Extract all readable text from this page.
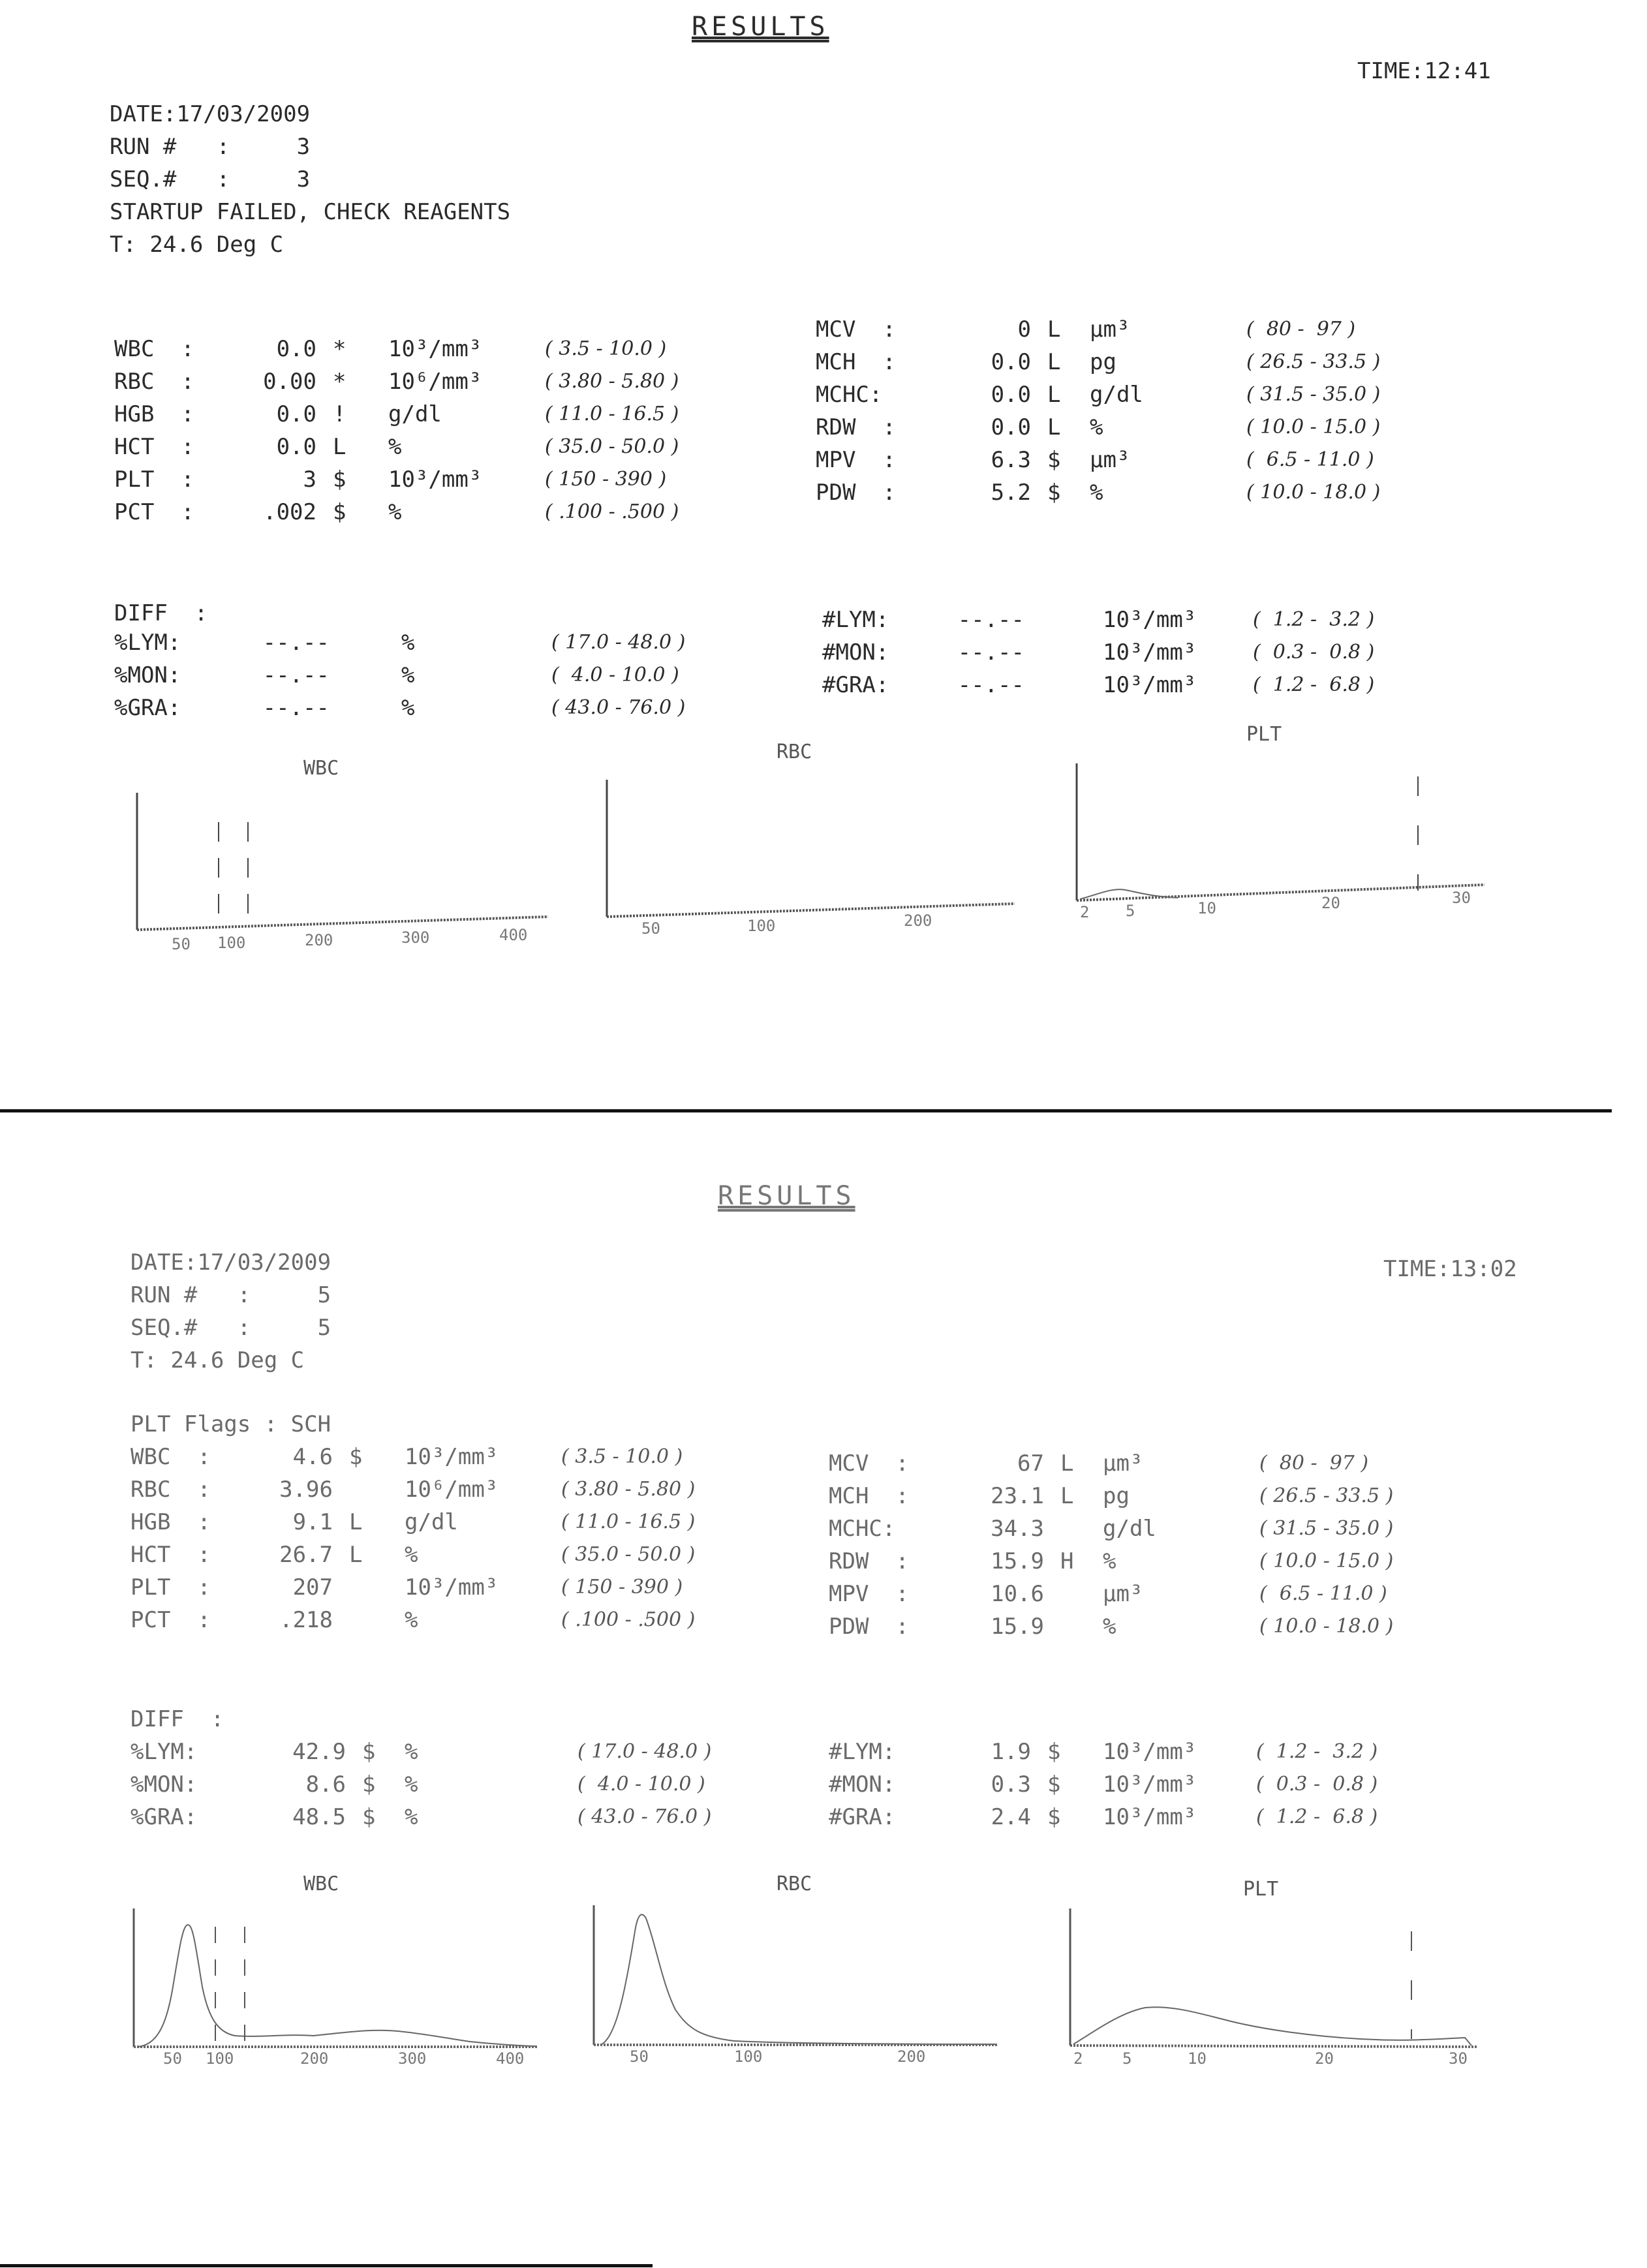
RESULTS
TIME:12:41
DATE:17/03/2009
RUN #   :     3
SEQ.#   :     3
STARTUP FAILED, CHECK REAGENTS
T: 24.6 Deg C
WBC  :	0.0 * 10³/mm³	( 3.5 - 10.0 )
RBC  :	0.00 * 10⁶/mm³	( 3.80 - 5.80 )
HGB  :	0.0 ! g/dl	( 11.0 - 16.5 )
HCT  :	0.0 L %	( 35.0 - 50.0 )
PLT  :	3 $ 10³/mm³	( 150 - 390 )
PCT  :	.002 $ %	( .100 - .500 )
MCV  :	0 L µm³	(  80 -  97 )
MCH  :	0.0 L pg	( 26.5 - 33.5 )
MCHC:	0.0 L g/dl	( 31.5 - 35.0 )
RDW  :	0.0 L %	( 10.0 - 15.0 )
MPV  :	6.3 $ µm³	(  6.5 - 11.0 )
PDW  :	5.2 $ %	( 10.0 - 18.0 )
DIFF  :
%LYM:	--.--	%	( 17.0 - 48.0 )
%MON:	--.--	%	(  4.0 - 10.0 )
%GRA:	--.--	%	( 43.0 - 76.0 )
#LYM:	--.--	10³/mm³	(  1.2 -  3.2 )
#MON:	--.--	10³/mm³	(  0.3 -  0.8 )
#GRA:	--.--	10³/mm³	(  1.2 -  6.8 )
WBC
RBC
PLT
50 100	200	300	400	50	100	200	2 5	10	20	30
RESULTS
TIME:13:02
DATE:17/03/2009
RUN #   :     5
SEQ.#   :     5
T: 24.6 Deg C
PLT Flags : SCH
WBC  :	4.6 $ 10³/mm³	( 3.5 - 10.0 )
RBC  :	3.96	10⁶/mm³	( 3.80 - 5.80 )
HGB  :	9.1 L g/dl	( 11.0 - 16.5 )
HCT  :	26.7 L %	( 35.0 - 50.0 )
PLT  :	207	10³/mm³	( 150 - 390 )
PCT  :	.218	%	( .100 - .500 )
MCV  :	67 L µm³	(  80 -  97 )
MCH  :	23.1 L pg	( 26.5 - 33.5 )
MCHC:	34.3	g/dl	( 31.5 - 35.0 )
RDW  :	15.9 H %	( 10.0 - 15.0 )
MPV  :	10.6	µm³	(  6.5 - 11.0 )
PDW  :	15.9	%	( 10.0 - 18.0 )
DIFF  :
%LYM:	42.9 $ %	( 17.0 - 48.0 )
%MON:	8.6 $ %	(  4.0 - 10.0 )
%GRA:	48.5 $ %	( 43.0 - 76.0 )
#LYM:	1.9 $ 10³/mm³	(  1.2 -  3.2 )
#MON:	0.3 $ 10³/mm³	(  0.3 -  0.8 )
#GRA:	2.4 $ 10³/mm³	(  1.2 -  6.8 )
WBC	RBC	PLT
50 100	200	300	400	50	100	200	2	5	10	20	30
